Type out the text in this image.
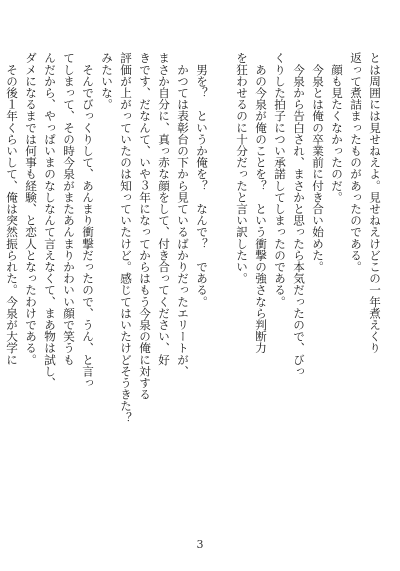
とは周囲には見せねえよ。見せねえけどこの一年煮えくり

返って煮詰まったものがあったのである。

　顔も見たくなかったのだ。

　今泉とは俺の卒業前に付き合い始めた。

　今泉から告白され、まさかと思ったら本気だったので、びっ

くりした拍子につい承諾してしまったのである。

　あの今泉が俺のことを？　という衝撃の強さなら判断力

を狂わせるのに十分だったと言い訳したい。

　男を？　というか俺を？　なんで？　である。

　かつては表彰台の下から見ているばかりだったエリートが、

まさか自分に、真っ赤な顔をして、付き合ってください、好

きです、だなんて、いや３年になってからはもう今泉の俺に対する

評価が上がっていたのは知っていたけど。感じてはいたけどそうきた？

みたいな。

　そんでびっくりして、あんまり衝撃だったので、うん、と言っ

てしまって、その時今泉がまたあんまりかわいい顔で笑うも

んだから、やっぱいまのなしなんて言えなくて、まあ物は試し、

ダメになるまでは何事も経験、と恋人となったわけである。

　その後１年くらいして、俺は突然振られた。今泉が大学に

3
